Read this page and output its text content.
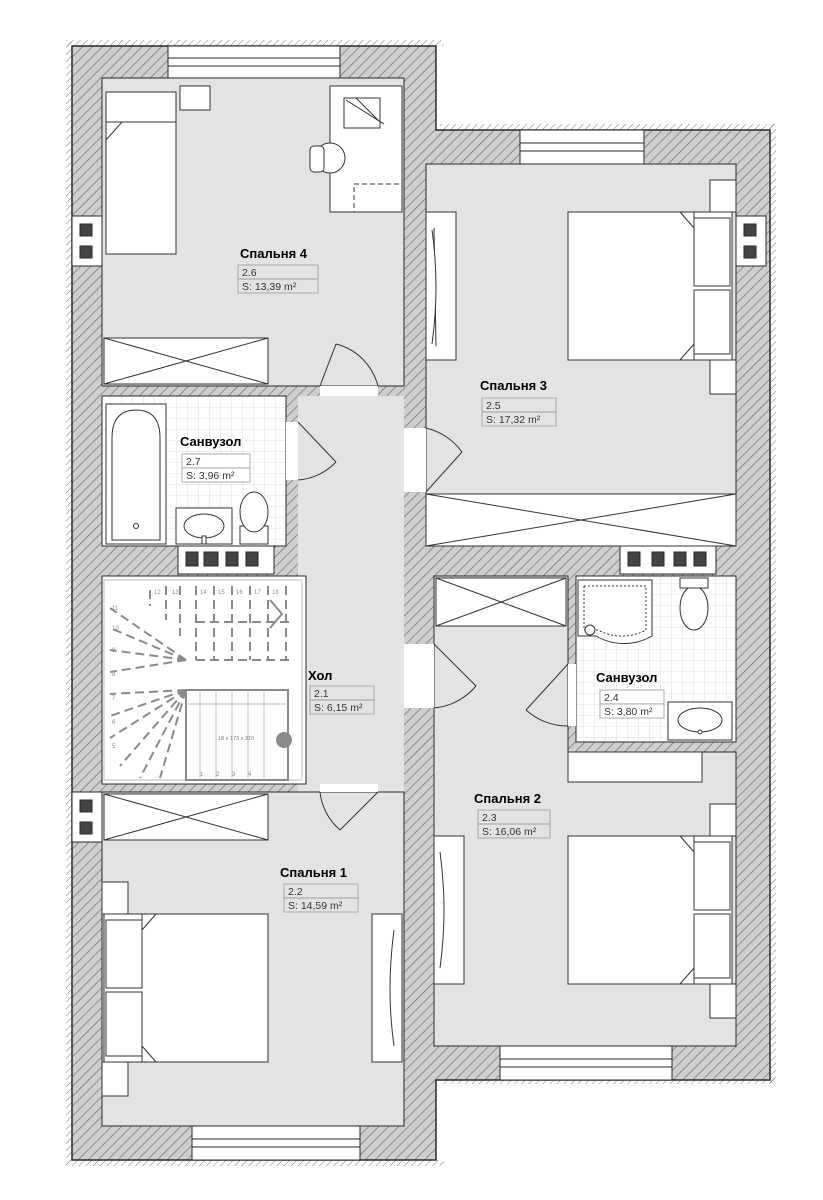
11
10
9
8
7
6
5
1 2 3 4
12 13	14 15 16 17 18
18 x 173 x 310
Спальня 4
2.6
S: 13,39 m²
Спальня 3
2.5
S: 17,32 m²
Санвузол
2.7
S: 3,96 m²
Санвузол
2.4
S: 3,80 m²
Хол
2.1
S: 6,15 m²
Спальня 2
2.3
S: 16,06 m²
Спальня 1
2.2
S: 14,59 m²
